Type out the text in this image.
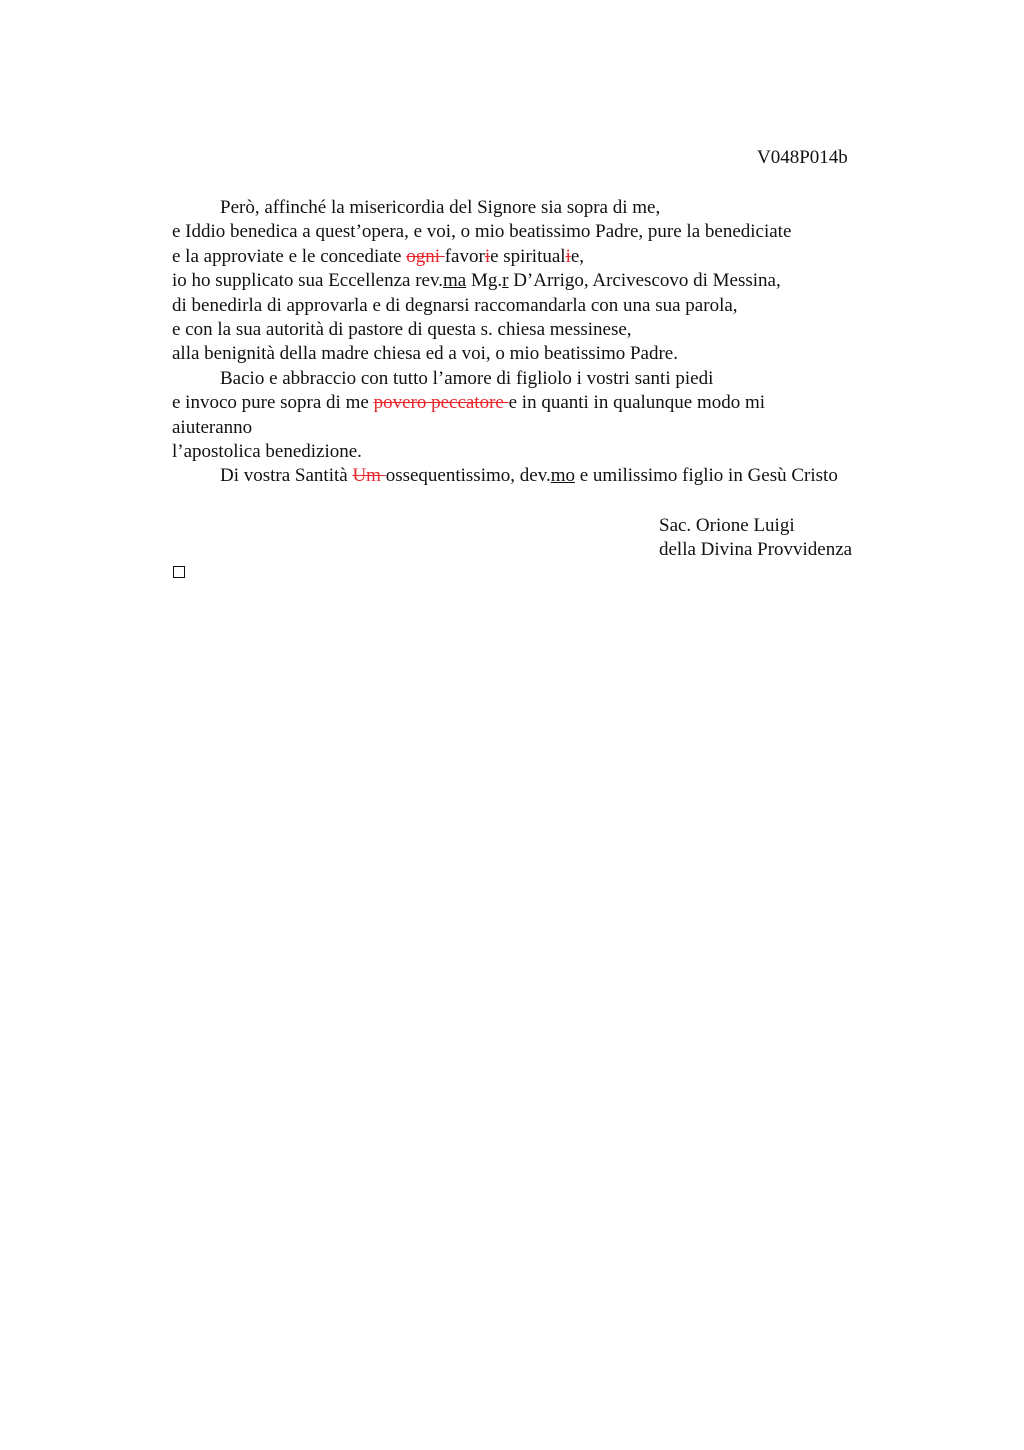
V048P014b
Però, affinché la misericordia del Signore sia sopra di me,
e Iddio benedica a quest’opera, e voi, o mio beatissimo Padre, pure la benediciate
e la approviate e le concediate ogni favorie spiritualie,
io ho supplicato sua Eccellenza rev.ma Mg.r D’Arrigo, Arcivescovo di Messina,
di benedirla di approvarla e di degnarsi raccomandarla con una sua parola,
e con la sua autorità di pastore di questa s. chiesa messinese,
alla benignità della madre chiesa ed a voi, o mio beatissimo Padre.
Bacio e abbraccio con tutto l’amore di figliolo i vostri santi piedi
e invoco pure sopra di me povero peccatore e in quanti in qualunque modo mi
aiuteranno
l’apostolica benedizione.
Di vostra Santità Um ossequentissimo, dev.mo e umilissimo figlio in Gesù Cristo
Sac. Orione Luigi
della Divina Provvidenza
